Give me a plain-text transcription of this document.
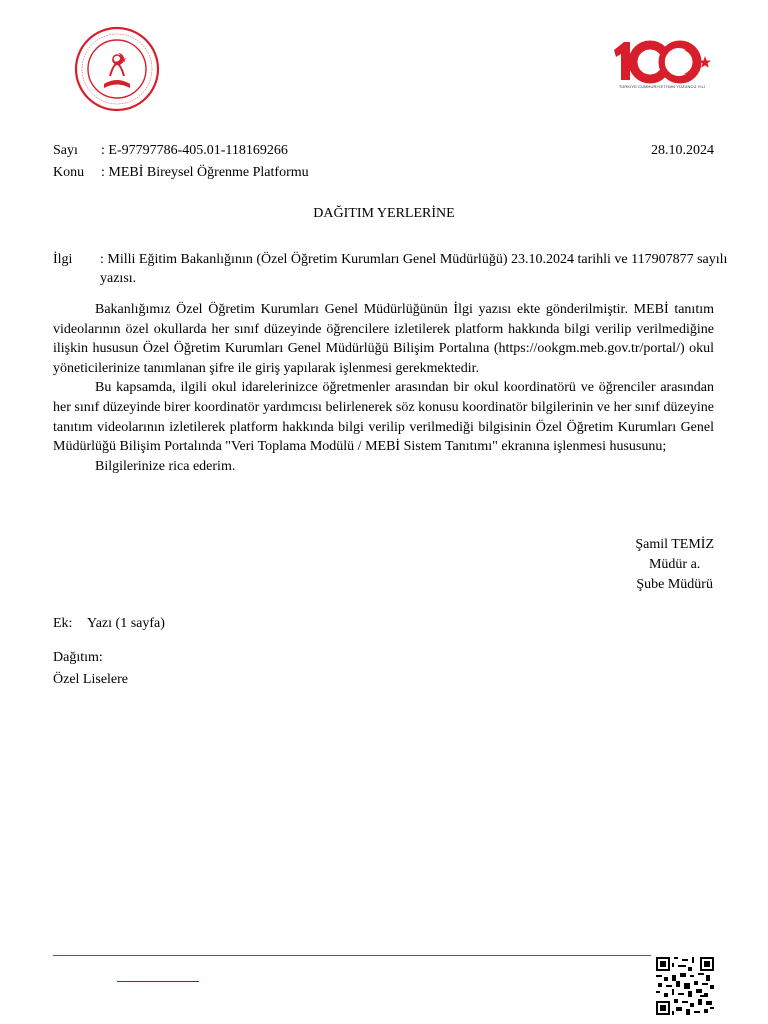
TÜRKİYE CUMHURİYETİ'NİN YÜZÜNCÜ YILI
Sayı : E-97797786-405.01-118169266	28.10.2024
Konu : MEBİ Bireysel Öğrenme Platformu
DAĞITIM YERLERİNE
İlgi : Milli Eğitim Bakanlığının (Özel Öğretim Kurumları Genel Müdürlüğü) 23.10.2024 tarihli ve 117907877 sayılı yazısı.

Bakanlığımız Özel Öğretim Kurumları Genel Müdürlüğünün İlgi yazısı ekte gönderilmiştir. MEBİ tanıtım videolarının özel okullarda her sınıf düzeyinde öğrencilere izletilerek platform hakkında bilgi verilip verilmediğine ilişkin hususun Özel Öğretim Kurumları Genel Müdürlüğü Bilişim Portalına (https://ookgm.meb.gov.tr/portal/) okul yöneticilerinize tanımlanan şifre ile giriş yapılarak işlenmesi gerekmektedir.

Bu kapsamda, ilgili okul idarelerinizce öğretmenler arasından bir okul koordinatörü ve öğrenciler arasından her sınıf düzeyinde birer koordinatör yardımcısı belirlenerek söz konusu koordinatör bilgilerinin ve her sınıf düzeyine tanıtım videolarının izletilerek platform hakkında bilgi verilip verilmediği bilgisinin Özel Öğretim Kurumları Genel Müdürlüğü Bilişim Portalında "Veri Toplama Modülü / MEBİ Sistem Tanıtımı" ekranına işlenmesi hususunu;

Bilgilerinize rica ederim.

Şamil TEMİZ
Müdür a.
Şube Müdürü
Ek: Yazı (1 sayfa)
Dağıtım:
Özel Liselere
